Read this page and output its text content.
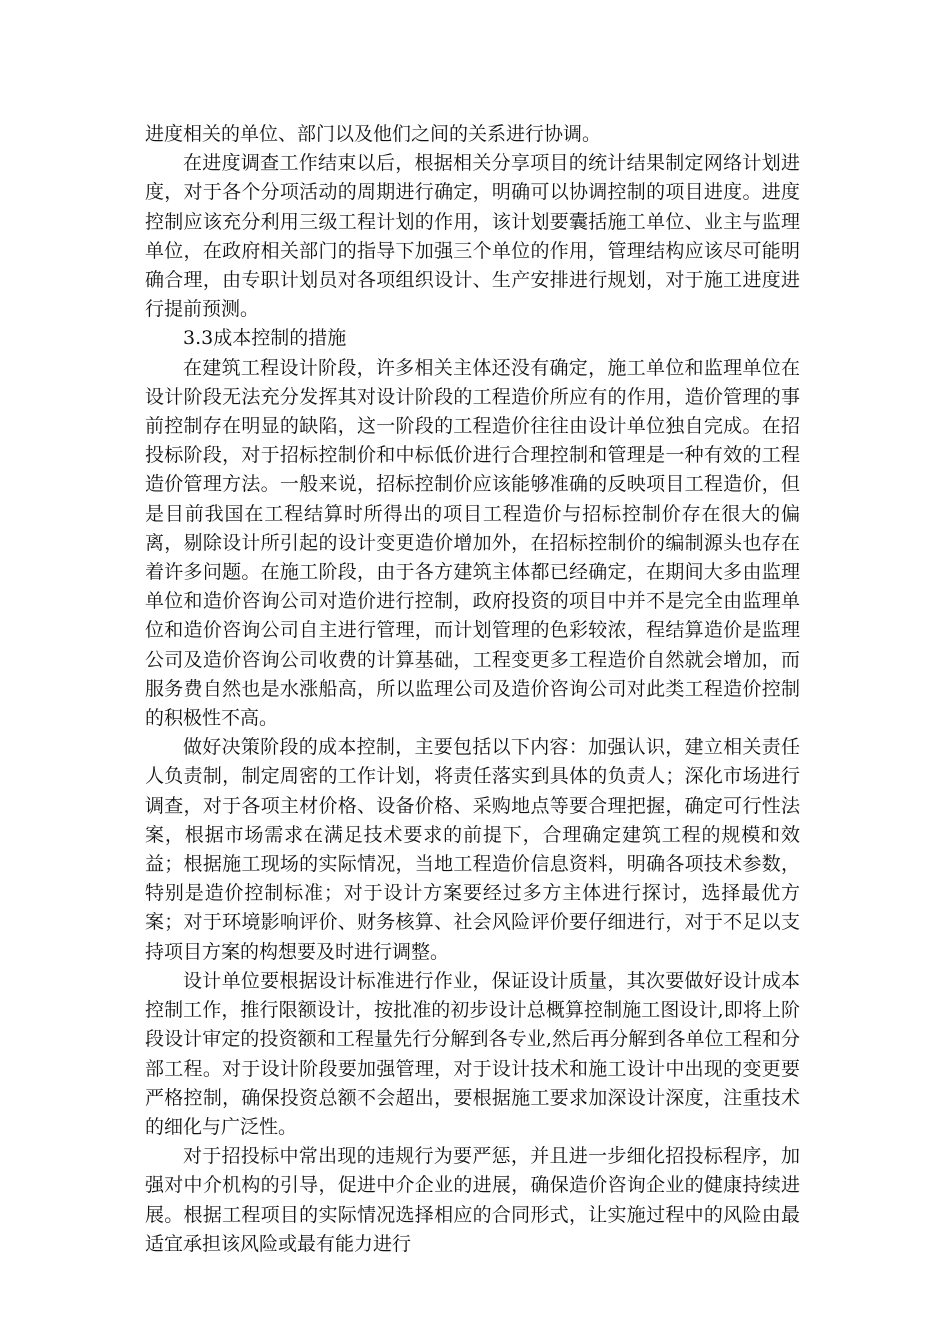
进度相关的单位、部门以及他们之间的关系进行协调。

在进度调查工作结束以后，根据相关分享项目的统计结果制定网络计划进度，对于各个分项活动的周期进行确定，明确可以协调控制的项目进度。进度控制应该充分利用三级工程计划的作用，该计划要囊括施工单位、业主与监理单位，在政府相关部门的指导下加强三个单位的作用，管理结构应该尽可能明确合理，由专职计划员对各项组织设计、生产安排进行规划，对于施工进度进行提前预测。

3.3成本控制的措施

在建筑工程设计阶段，许多相关主体还没有确定，施工单位和监理单位在设计阶段无法充分发挥其对设计阶段的工程造价所应有的作用，造价管理的事前控制存在明显的缺陷，这一阶段的工程造价往往由设计单位独自完成。在招投标阶段，对于招标控制价和中标低价进行合理控制和管理是一种有效的工程造价管理方法。一般来说，招标控制价应该能够准确的反映项目工程造价，但是目前我国在工程结算时所得出的项目工程造价与招标控制价存在很大的偏离，剔除设计所引起的设计变更造价增加外，在招标控制价的编制源头也存在着许多问题。在施工阶段，由于各方建筑主体都已经确定，在期间大多由监理单位和造价咨询公司对造价进行控制，政府投资的项目中并不是完全由监理单位和造价咨询公司自主进行管理，而计划管理的色彩较浓，程结算造价是监理公司及造价咨询公司收费的计算基础，工程变更多工程造价自然就会增加，而服务费自然也是水涨船高，所以监理公司及造价咨询公司对此类工程造价控制的积极性不高。

做好决策阶段的成本控制，主要包括以下内容：加强认识，建立相关责任人负责制，制定周密的工作计划，将责任落实到具体的负责人；深化市场进行调查，对于各项主材价格、设备价格、采购地点等要合理把握，确定可行性法案，根据市场需求在满足技术要求的前提下，合理确定建筑工程的规模和效益；根据施工现场的实际情况，当地工程造价信息资料，明确各项技术参数，特别是造价控制标准；对于设计方案要经过多方主体进行探讨，选择最优方案；对于环境影响评价、财务核算、社会风险评价要仔细进行，对于不足以支持项目方案的构想要及时进行调整。

设计单位要根据设计标准进行作业，保证设计质量，其次要做好设计成本控制工作，推行限额设计，按批准的初步设计总概算控制施工图设计,即将上阶段设计审定的投资额和工程量先行分解到各专业,然后再分解到各单位工程和分部工程。对于设计阶段要加强管理，对于设计技术和施工设计中出现的变更要严格控制，确保投资总额不会超出，要根据施工要求加深设计深度，注重技术的细化与广泛性。

对于招投标中常出现的违规行为要严惩，并且进一步细化招投标程序，加强对中介机构的引导，促进中介企业的进展，确保造价咨询企业的健康持续进展。根据工程项目的实际情况选择相应的合同形式，让实施过程中的风险由最适宜承担该风险或最有能力进行
